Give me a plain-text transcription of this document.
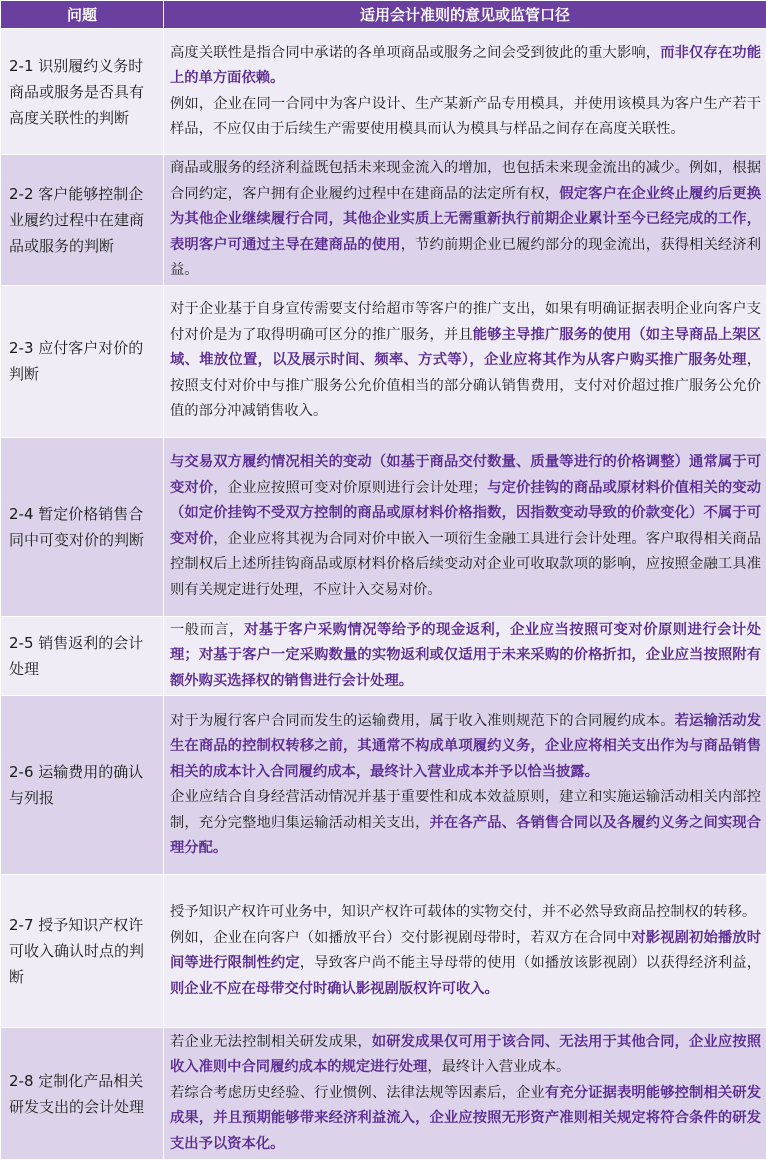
问题	适用会计准则的意见或监管口径
2-1 识别履约义务时商品或服务是否具有高度关联性的判断	高度关联性是指合同中承诺的各单项商品或服务之间会受到彼此的重大影响，而非仅存在功能上的单方面依赖。

例如，企业在同一合同中为客户设计、生产某新产品专用模具，并使用该模具为客户生产若干样品，不应仅由于后续生产需要使用模具而认为模具与样品之间存在高度关联性。

2-2 客户能够控制企业履约过程中在建商品或服务的判断	商品或服务的经济利益既包括未来现金流入的增加，也包括未来现金流出的减少。例如，根据合同约定，客户拥有企业履约过程中在建商品的法定所有权，假定客户在企业终止履约后更换为其他企业继续履行合同，其他企业实质上无需重新执行前期企业累计至今已经完成的工作，表明客户可通过主导在建商品的使用，节约前期企业已履约部分的现金流出，获得相关经济利益。

2-3 应付客户对价的判断	对于企业基于自身宣传需要支付给超市等客户的推广支出，如果有明确证据表明企业向客户支付对价是为了取得明确可区分的推广服务，并且能够主导推广服务的使用（如主导商品上架区域、堆放位置，以及展示时间、频率、方式等），企业应将其作为从客户购买推广服务处理，按照支付对价中与推广服务公允价值相当的部分确认销售费用，支付对价超过推广服务公允价值的部分冲减销售收入。

2-4 暂定价格销售合同中可变对价的判断	与交易双方履约情况相关的变动（如基于商品交付数量、质量等进行的价格调整）通常属于可变对价，企业应按照可变对价原则进行会计处理；与定价挂钩的商品或原材料价值相关的变动（如定价挂钩不受双方控制的商品或原材料价格指数，因指数变动导致的价款变化）不属于可变对价，企业应将其视为合同对价中嵌入一项衍生金融工具进行会计处理。客户取得相关商品控制权后上述所挂钩商品或原材料价格后续变动对企业可收取款项的影响，应按照金融工具准则有关规定进行处理，不应计入交易对价。

2-5 销售返利的会计处理	一般而言，对基于客户采购情况等给予的现金返利，企业应当按照可变对价原则进行会计处理；对基于客户一定采购数量的实物返利或仅适用于未来采购的价格折扣，企业应当按照附有额外购买选择权的销售进行会计处理。

2-6 运输费用的确认与列报	对于为履行客户合同而发生的运输费用，属于收入准则规范下的合同履约成本。若运输活动发生在商品的控制权转移之前，其通常不构成单项履约义务，企业应将相关支出作为与商品销售相关的成本计入合同履约成本，最终计入营业成本并予以恰当披露。

企业应结合自身经营活动情况并基于重要性和成本效益原则，建立和实施运输活动相关内部控制，充分完整地归集运输活动相关支出，并在各产品、各销售合同以及各履约义务之间实现合理分配。

2-7 授予知识产权许可收入确认时点的判断	授予知识产权许可业务中，知识产权许可载体的实物交付，并不必然导致商品控制权的转移。

例如，企业在向客户（如播放平台）交付影视剧母带时，若双方在合同中对影视剧初始播放时间等进行限制性约定，导致客户尚不能主导母带的使用（如播放该影视剧）以获得经济利益，则企业不应在母带交付时确认影视剧版权许可收入。

2-8 定制化产品相关研发支出的会计处理	若企业无法控制相关研发成果，如研发成果仅可用于该合同、无法用于其他合同，企业应按照收入准则中合同履约成本的规定进行处理，最终计入营业成本。

若综合考虑历史经验、行业惯例、法律法规等因素后，企业有充分证据表明能够控制相关研发成果，并且预期能够带来经济利益流入，企业应按照无形资产准则相关规定将符合条件的研发支出予以资本化。
